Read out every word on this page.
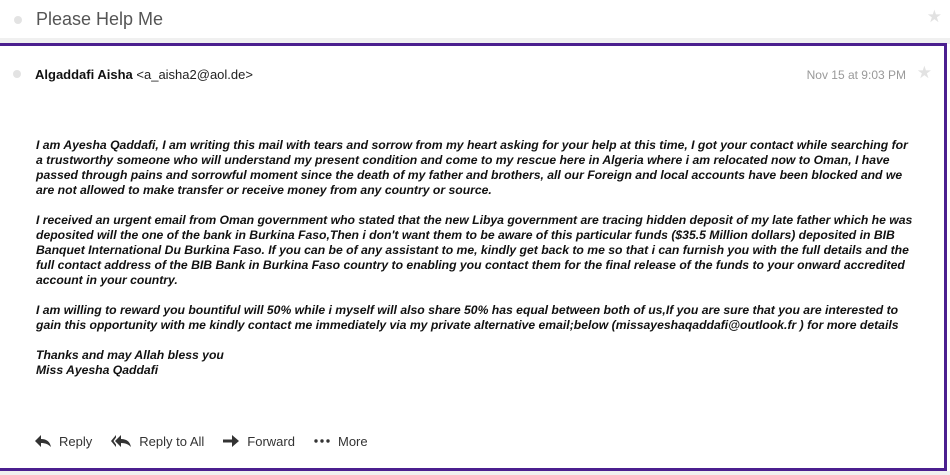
Please Help Me	★
Algaddafi Aisha <a_aisha2@aol.de>	Nov 15 at 9:03 PM ★

I am Ayesha Qaddafi, I am writing this mail with tears and sorrow from my heart asking for your help at this time, I got your contact while searching for a trustworthy someone who will understand my present condition and come to my rescue here in Algeria where i am relocated now to Oman, I have passed through pains and sorrowful moment since the death of my father and brothers, all our Foreign and local accounts have been blocked and we are not allowed to make transfer or receive money from any country or source.

I received an urgent email from Oman government who stated that the new Libya government are tracing hidden deposit of my late father which he was deposited will the one of the bank in Burkina Faso,Then i don't want them to be aware of this particular funds ($35.5 Million dollars) deposited in BIB Banquet International Du Burkina Faso. If you can be of any assistant to me, kindly get back to me so that i can furnish you with the full details and the full contact address of the BIB Bank in Burkina Faso country to enabling you contact them for the final release of the funds to your onward accredited account in your country.

I am willing to reward you bountiful will 50% while i myself will also share 50% has equal between both of us,If you are sure that you are interested to gain this opportunity with me kindly contact me immediately via my private alternative email;below (missayeshaqaddafi@outlook.fr ) for more details

Thanks and may Allah bless you

Miss Ayesha Qaddafi

Reply	Reply to All	Forward	More
